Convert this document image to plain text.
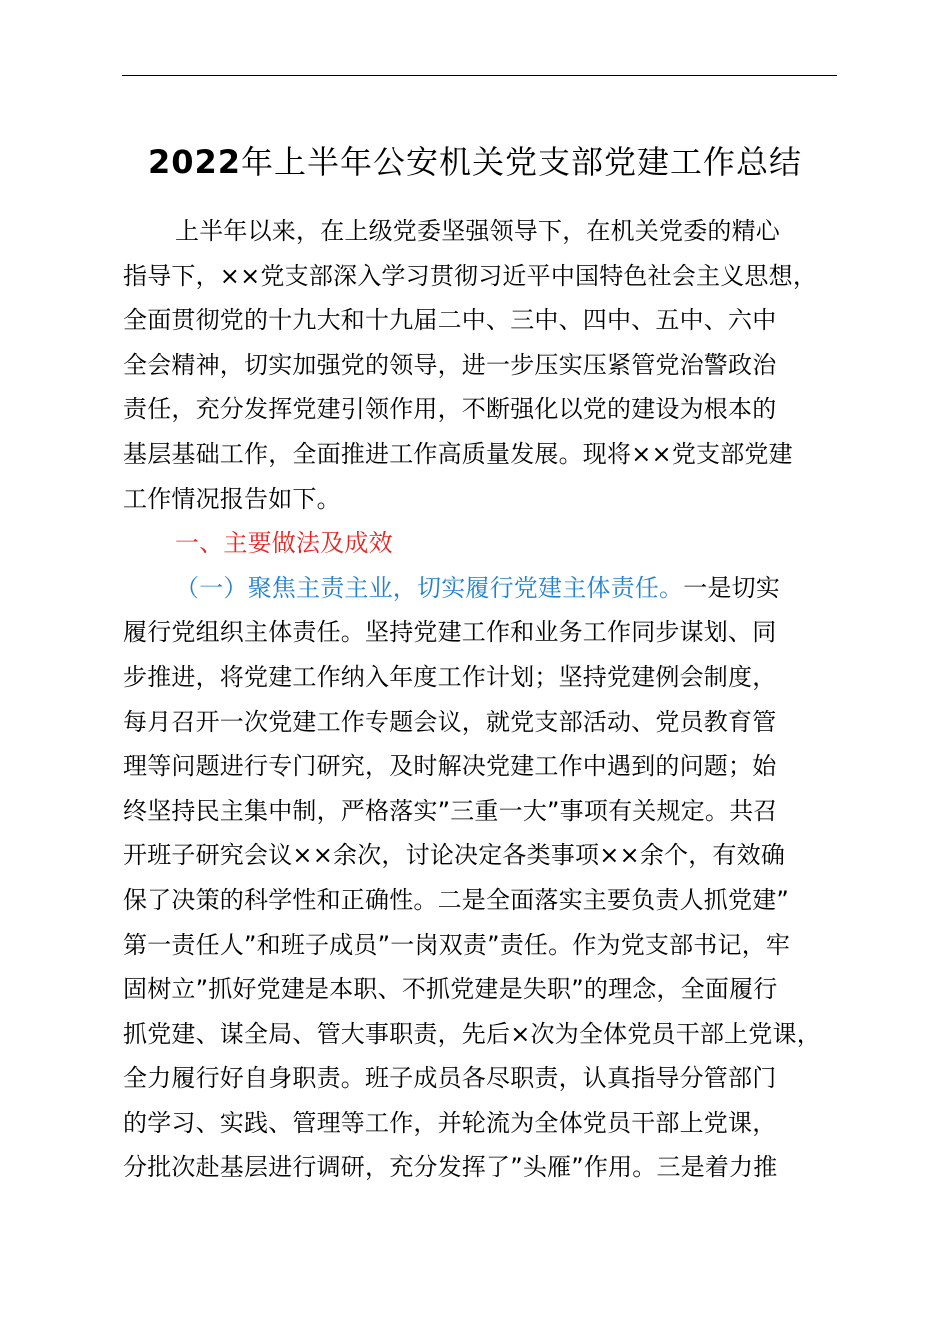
2022年上半年公安机关党支部党建工作总结
上半年以来，在上级党委坚强领导下，在机关党委的精心
指导下，××党支部深入学习贯彻习近平中国特色社会主义思想，
全面贯彻党的十九大和十九届二中、三中、四中、五中、六中
全会精神，切实加强党的领导，进一步压实压紧管党治警政治
责任，充分发挥党建引领作用，不断强化以党的建设为根本的
基层基础工作，全面推进工作高质量发展。现将××党支部党建
工作情况报告如下。
一、主要做法及成效
（一）聚焦主责主业，切实履行党建主体责任。一是切实
履行党组织主体责任。坚持党建工作和业务工作同步谋划、同
步推进，将党建工作纳入年度工作计划；坚持党建例会制度，
每月召开一次党建工作专题会议，就党支部活动、党员教育管
理等问题进行专门研究，及时解决党建工作中遇到的问题；始
终坚持民主集中制，严格落实”三重一大”事项有关规定。共召
开班子研究会议××余次，讨论决定各类事项××余个，有效确
保了决策的科学性和正确性。二是全面落实主要负责人抓党建”
第一责任人”和班子成员”一岗双责”责任。作为党支部书记，牢
固树立”抓好党建是本职、不抓党建是失职”的理念，全面履行
抓党建、谋全局、管大事职责，先后×次为全体党员干部上党课，
全力履行好自身职责。班子成员各尽职责，认真指导分管部门
的学习、实践、管理等工作，并轮流为全体党员干部上党课，
分批次赴基层进行调研，充分发挥了”头雁”作用。三是着力推
